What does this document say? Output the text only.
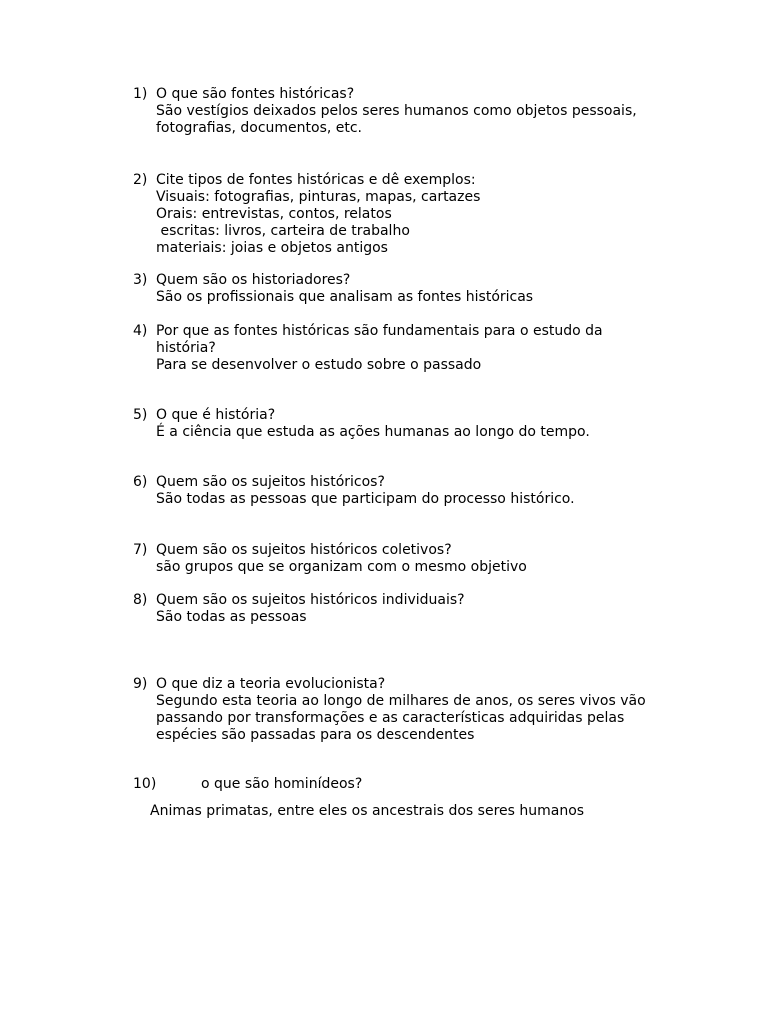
1) O que são fontes históricas?
São vestígios deixados pelos seres humanos como objetos pessoais,
fotografias, documentos, etc.
2) Cite tipos de fontes históricas e dê exemplos:
Visuais: fotografias, pinturas, mapas, cartazes
Orais: entrevistas, contos, relatos
escritas: livros, carteira de trabalho
materiais: joias e objetos antigos
3) Quem são os historiadores?
São os profissionais que analisam as fontes históricas
4) Por que as fontes históricas são fundamentais para o estudo da
história?
Para se desenvolver o estudo sobre o passado
5) O que é história?
É a ciência que estuda as ações humanas ao longo do tempo.
6) Quem são os sujeitos históricos?
São todas as pessoas que participam do processo histórico.
7) Quem são os sujeitos históricos coletivos?
são grupos que se organizam com o mesmo objetivo
8) Quem são os sujeitos históricos individuais?
São todas as pessoas
9) O que diz a teoria evolucionista?
Segundo esta teoria ao longo de milhares de anos, os seres vivos vão
passando por transformações e as características adquiridas pelas
espécies são passadas para os descendentes
10)	o que são hominídeos?
Animas primatas, entre eles os ancestrais dos seres humanos
